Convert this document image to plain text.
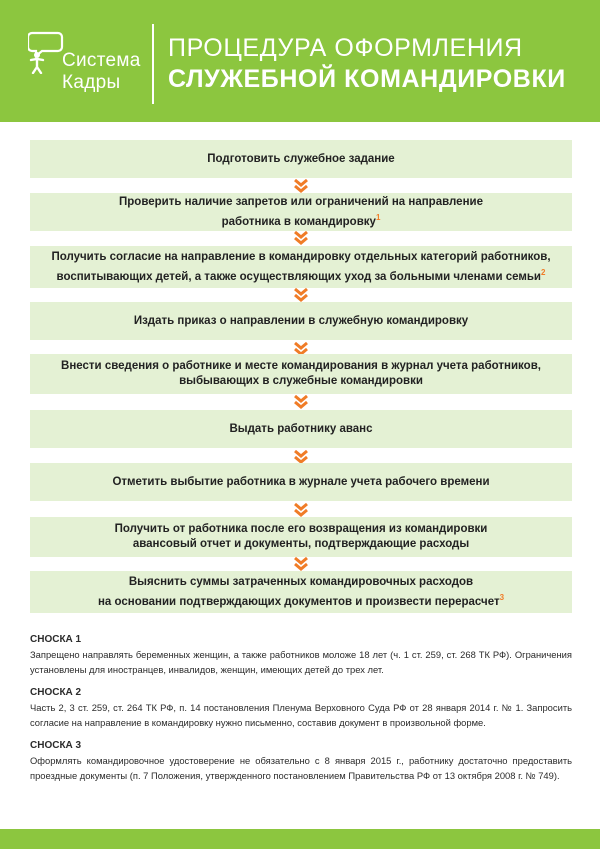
Система
Кадры
ПРОЦЕДУРА ОФОРМЛЕНИЯ
СЛУЖЕБНОЙ КОМАНДИРОВКИ
Подготовить служебное задание
Проверить наличие запретов или ограничений на направление
работника в командировку$^1$
Получить согласие на направление в командировку отдельных категорий работников,
воспитывающих детей, а также осуществляющих уход за больными членами семьи$^2$
Издать приказ о направлении в служебную командировку
Внести сведения о работнике и месте командирования в журнал учета работников,
выбывающих в служебные командировки
Выдать работнику аванс
Отметить выбытие работника в журнале учета рабочего времени
Получить от работника после его возвращения из командировки
авансовый отчет и документы, подтверждающие расходы
Выяснить суммы затраченных командировочных расходов
на основании подтверждающих документов и произвести перерасчет$^3$
СНОСКА 1
Запрещено направлять беременных женщин, а также работников моложе 18 лет (ч. 1 ст. 259, ст. 268 ТК РФ). Ограничения установлены для иностранцев, инвалидов, женщин, имеющих детей до трех лет.
СНОСКА 2
Часть 2, 3 ст. 259, ст. 264 ТК РФ, п. 14 постановления Пленума Верховного Суда РФ от 28 января 2014 г. № 1. Запросить согласие на направление в командировку нужно письменно, составив документ в произвольной форме.
СНОСКА 3
Оформлять командировочное удостоверение не обязательно с 8 января 2015 г., работнику достаточно предоставить проездные документы (п. 7 Положения, утвержденного постановлением Правительства РФ от 13 октября 2008 г. № 749).
